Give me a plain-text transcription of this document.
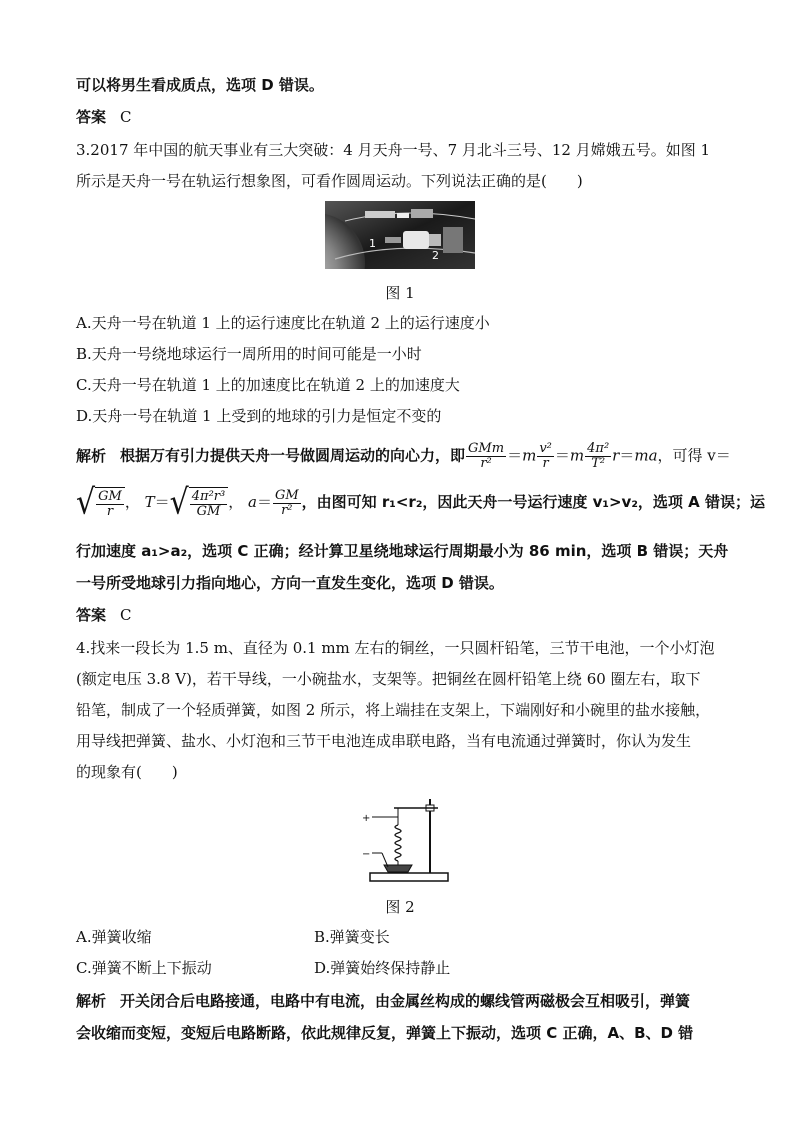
可以将男生看成质点，选项 D 错误。
答案 C
3.2017 年中国的航天事业有三大突破：4 月天舟一号、7 月北斗三号、12 月嫦娥五号。如图 1
所示是天舟一号在轨运行想象图，可看作圆周运动。下列说法正确的是(　　)
1
2
图 1
A.天舟一号在轨道 1 上的运行速度比在轨道 2 上的运行速度小
B.天舟一号绕地球运行一周所用的时间可能是一小时
C.天舟一号在轨道 1 上的加速度比在轨道 2 上的加速度大
D.天舟一号在轨道 1 上受到的地球的引力是恒定不变的
解析 根据万有引力提供天舟一号做圆周运动的向心力，即 $\frac{\text{GMm}}{\text{r²}} =m \frac{\text{v²}}{r} =m \frac{\text{4π²}}{\text{T²}} r=ma$，可得 v＝
√ $\frac{GM}{r}$ ， T＝ √ $\frac{\text{4π²r³}}{GM}$ ， $a= \frac{GM}{\text{r²}}$ ，由图可知 r₁<r₂，因此天舟一号运行速度 v₁>v₂，选项 A 错误；运
行加速度 a₁>a₂，选项 C 正确；经计算卫星绕地球运行周期最小为 86 min，选项 B 错误；天舟
一号所受地球引力指向地心，方向一直发生变化，选项 D 错误。
答案 C
4.找来一段长为 1.5 m、直径为 0.1 mm 左右的铜丝，一只圆杆铅笔，三节干电池，一个小灯泡
(额定电压 3.8 V)，若干导线，一小碗盐水，支架等。把铜丝在圆杆铅笔上绕 60 圈左右，取下
铅笔，制成了一个轻质弹簧，如图 2 所示，将上端挂在支架上，下端刚好和小碗里的盐水接触，
用导线把弹簧、盐水、小灯泡和三节干电池连成串联电路，当有电流通过弹簧时，你认为发生
的现象有(　　)
+
−
图 2
A.弹簧收缩	B.弹簧变长
C.弹簧不断上下振动	D.弹簧始终保持静止
解析 开关闭合后电路接通，电路中有电流，由金属丝构成的螺线管两磁极会互相吸引，弹簧
会收缩而变短，变短后电路断路，依此规律反复，弹簧上下振动，选项 C 正确，A、B、D 错
